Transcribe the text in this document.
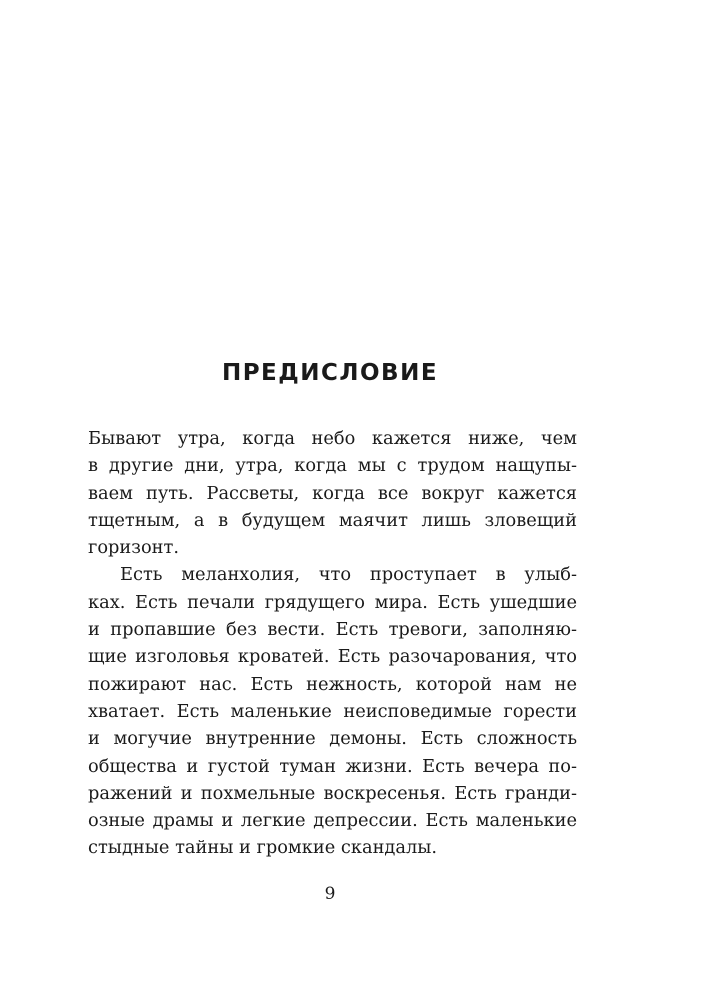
ПРЕДИСЛОВИЕ
Бывают утра, когда небо кажется ниже, чем
в другие дни, утра, когда мы с трудом нащупы-
ваем путь. Рассветы, когда все вокруг кажется
тщетным, а в будущем маячит лишь зловещий
горизонт.
Есть меланхолия, что проступает в улыб-
ках. Есть печали грядущего мира. Есть ушедшие
и пропавшие без вести. Есть тревоги, заполняю-
щие изголовья кроватей. Есть разочарования, что
пожирают нас. Есть нежность, которой нам не
хватает. Есть маленькие неисповедимые горести
и могучие внутренние демоны. Есть сложность
общества и густой туман жизни. Есть вечера по-
ражений и похмельные воскресенья. Есть гранди-
озные драмы и легкие депрессии. Есть маленькие
стыдные тайны и громкие скандалы.
9
